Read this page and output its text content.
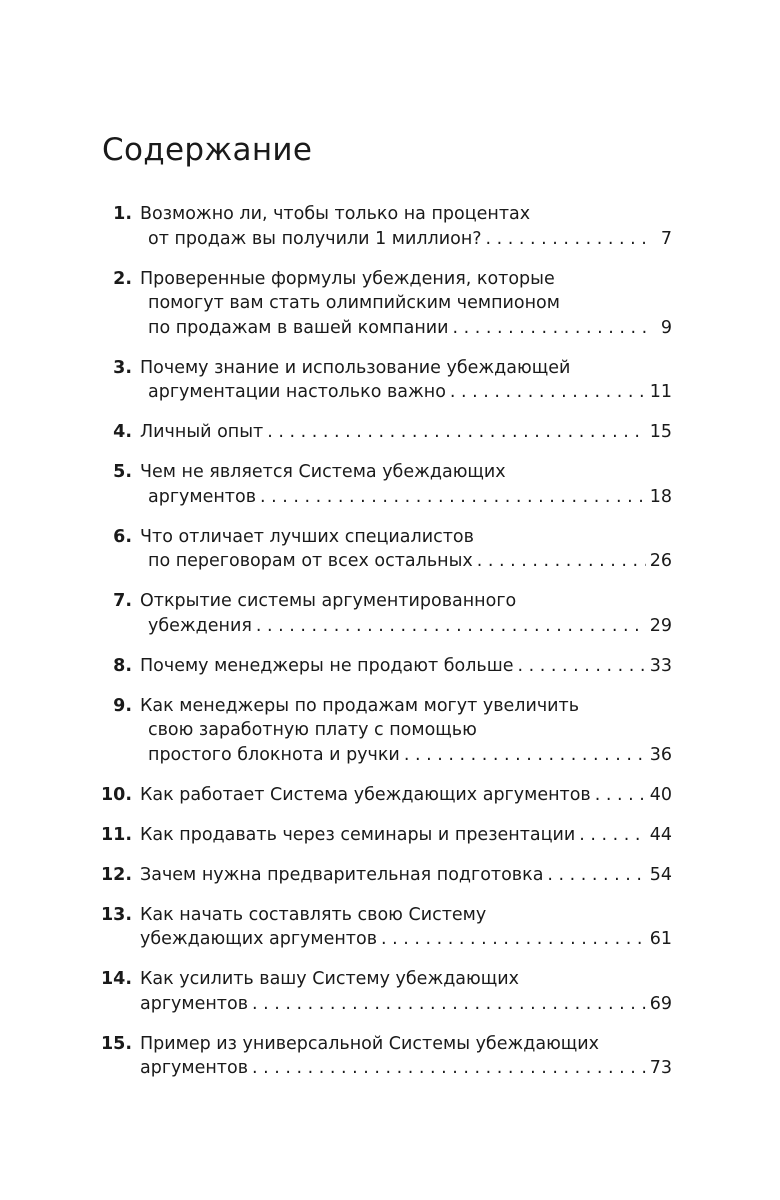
Содержание
1. Возможно ли, чтобы только на процентах
от продаж вы получили 1 миллион? . . .	7
2. Проверенные формулы убеждения, которые
помогут вам стать олимпийским чемпионом
по продажам в вашей компании . . .	9
3. Почему знание и использование убеждающей
аргументации настолько важно . . .	11
4. Личный опыт . . .	15
5. Чем не является Система убеждающих
аргументов . . .	18
6. Что отличает лучших специалистов
по переговорам от всех остальных . . .	26
7. Открытие системы аргументированного
убеждения . . .	29
8. Почему менеджеры не продают больше . . .	33
9. Как менеджеры по продажам могут увеличить
свою заработную плату с помощью
простого блокнота и ручки . . .	36
10. Как работает Система убеждающих аргументов . . .	40
11. Как продавать через семинары и презентации . . .	44
12. Зачем нужна предварительная подготовка . . .	54
13. Как начать составлять свою Систему
убеждающих аргументов . . .	61
14. Как усилить вашу Систему убеждающих
аргументов . . .	69
15. Пример из универсальной Системы убеждающих
аргументов . . .	73
